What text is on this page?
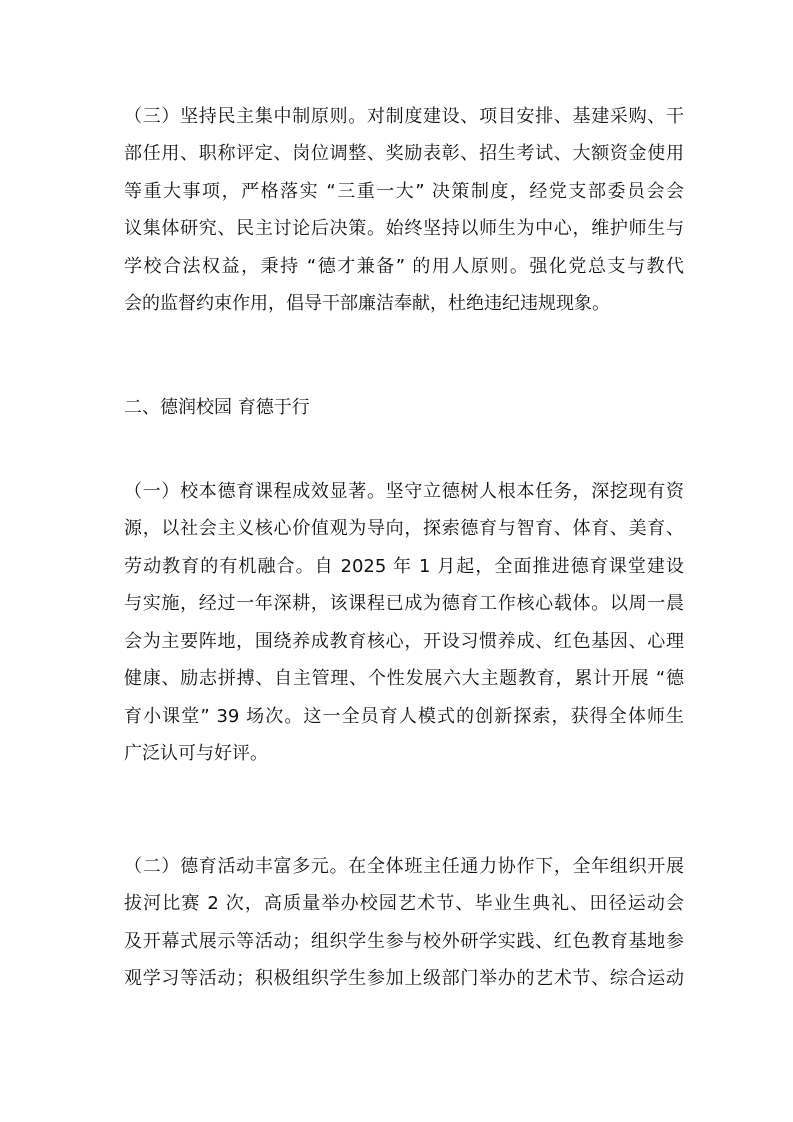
（三）坚持民主集中制原则。对制度建设、项目安排、基建采购、干
部任用、职称评定、岗位调整、奖励表彰、招生考试、大额资金使用
等重大事项，严格落实 “三重一大” 决策制度，经党支部委员会会
议集体研究、民主讨论后决策。始终坚持以师生为中心，维护师生与
学校合法权益，秉持 “德才兼备” 的用人原则。强化党总支与教代
会的监督约束作用，倡导干部廉洁奉献，杜绝违纪违规现象。
二、德润校园 育德于行
（一）校本德育课程成效显著。坚守立德树人根本任务，深挖现有资
源，以社会主义核心价值观为导向，探索德育与智育、体育、美育、
劳动教育的有机融合。自 2025 年 1 月起，全面推进德育课堂建设
与实施，经过一年深耕，该课程已成为德育工作核心载体。以周一晨
会为主要阵地，围绕养成教育核心，开设习惯养成、红色基因、心理
健康、励志拼搏、自主管理、个性发展六大主题教育，累计开展 “德
育小课堂” 39 场次。这一全员育人模式的创新探索，获得全体师生
广泛认可与好评。
（二）德育活动丰富多元。在全体班主任通力协作下，全年组织开展
拔河比赛 2 次，高质量举办校园艺术节、毕业生典礼、田径运动会
及开幕式展示等活动；组织学生参与校外研学实践、红色教育基地参
观学习等活动；积极组织学生参加上级部门举办的艺术节、综合运动
